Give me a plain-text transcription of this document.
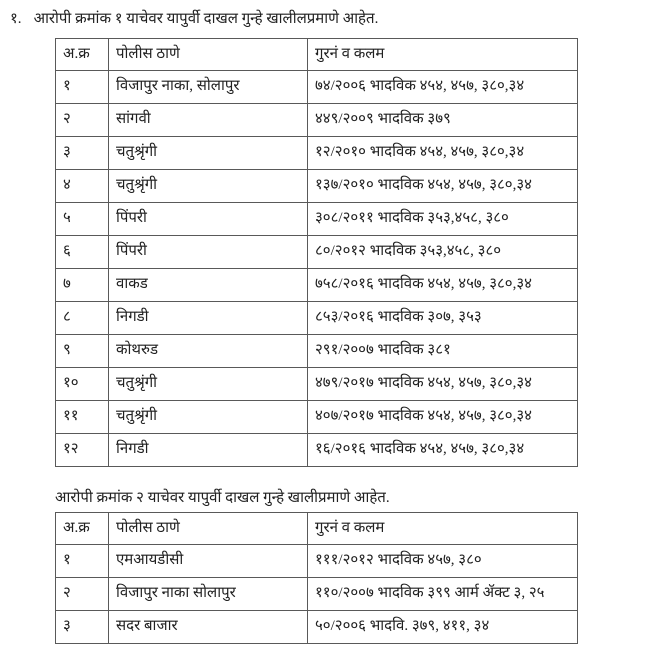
१. आरोपी क्रमांक १ याचेवर यापुर्वी दाखल गुन्हे खालीलप्रमाणे आहेत.
अ.क्र	पोलीस ठाणे	गुरनं व कलम
१	विजापुर नाका, सोलापुर	७४/२००६ भादविक ४५४, ४५७, ३८०,३४
२	सांगवी	४४९/२००९ भादविक ३७९
३	चतुश्रृंगी	१२/२०१० भादविक ४५४, ४५७, ३८०,३४
४	चतुश्रृंगी	१३७/२०१० भादविक ४५४, ४५७, ३८०,३४
५	पिंपरी	३०८/२०११ भादविक ३५३,४५८, ३८०
६	पिंपरी	८०/२०१२ भादविक ३५३,४५८, ३८०
७	वाकड	७५८/२०१६ भादविक ४५४, ४५७, ३८०,३४
८	निगडी	८५३/२०१६ भादविक ३०७, ३५३
९	कोथरुड	२९१/२००७ भादविक ३८१
१०	चतुश्रृंगी	४७९/२०१७ भादविक ४५४, ४५७, ३८०,३४
११	चतुश्रृंगी	४०७/२०१७ भादविक ४५४, ४५७, ३८०,३४
१२	निगडी	१६/२०१६ भादविक ४५४, ४५७, ३८०,३४
आरोपी क्रमांक २ याचेवर यापुर्वी दाखल गुन्हे खालीप्रमाणे आहेत.
अ.क्र	पोलीस ठाणे	गुरनं व कलम
१	एमआयडीसी	१११/२०१२ भादविक ४५७, ३८०
२	विजापुर नाका सोलापुर	११०/२००७ भादविक ३९९ आर्म ॲक्ट ३, २५
३	सदर बाजार	५०/२००६ भादवि. ३७९, ४११, ३४
